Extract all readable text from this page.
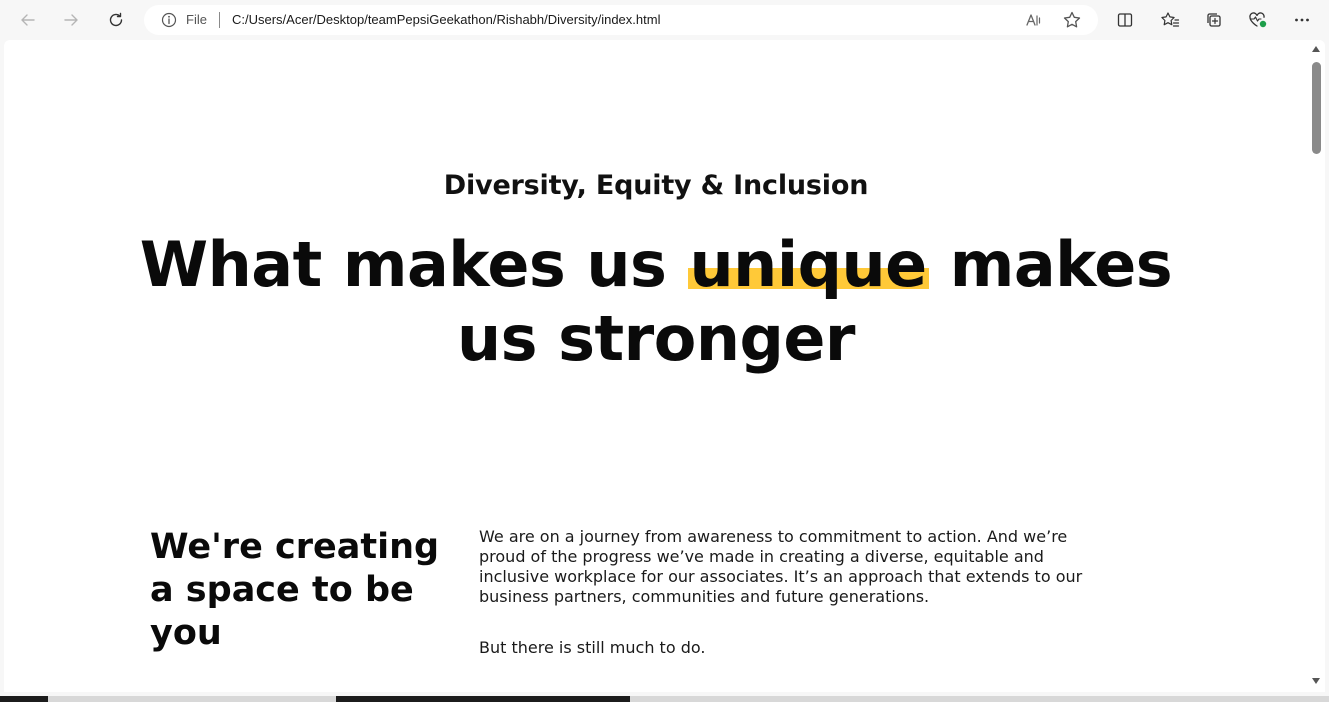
File C:/Users/Acer/Desktop/teamPepsiGeekathon/Rishabh/Diversity/index.html
Diversity, Equity & Inclusion
What makes us unique makes us stronger
We're creating a space to be you

We are on a journey from awareness to commitment to action. And we’re proud of the progress we’ve made in creating a diverse, equitable and inclusive workplace for our associates. It’s an approach that extends to our business partners, communities and future generations.

But there is still much to do.
